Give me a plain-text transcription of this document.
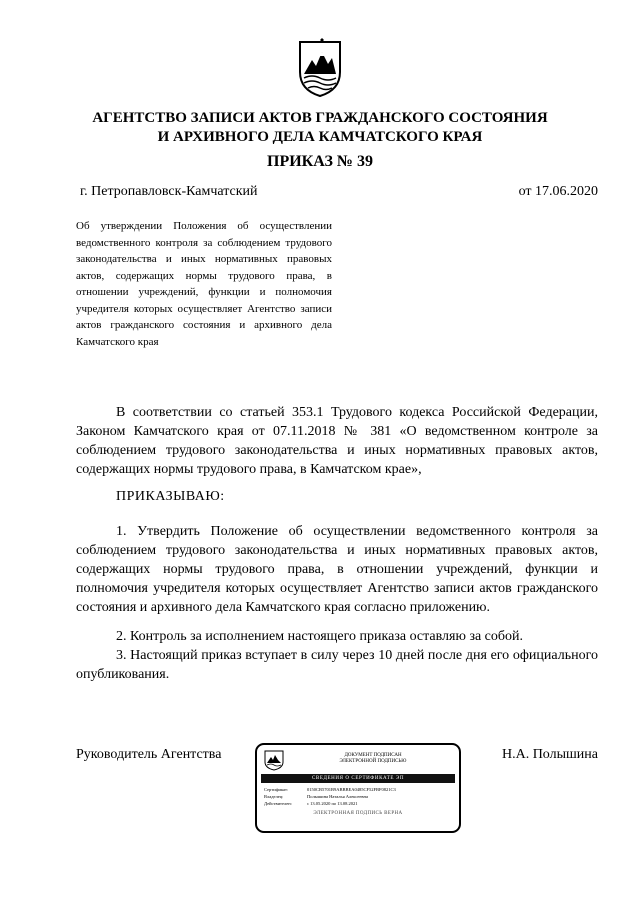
АГЕНТСТВО ЗАПИСИ АКТОВ ГРАЖДАНСКОГО СОСТОЯНИЯ
И АРХИВНОГО ДЕЛА КАМЧАТСКОГО КРАЯ
ПРИКАЗ № 39
г. Петропавловск-Камчатский	от 17.06.2020
Об утверждении Положения об осуществлении ведомственного контроля за соблюдением трудового законодательства и иных нормативных правовых актов, содержащих нормы трудового права, в отношении учреждений, функции и полномочия учредителя которых осуществляет Агентство записи актов гражданского состояния и архивного дела Камчатского края

В соответствии со статьей 353.1 Трудового кодекса Российской Федерации, Законом Камчатского края от 07.11.2018 № 381 «О ведомственном контроле за соблюдением трудового законодательства и иных нормативных правовых актов, содержащих нормы трудового права, в Камчатском крае»,

ПРИКАЗЫВАЮ:

1. Утвердить Положение об осуществлении ведомственного контроля за соблюдением трудового законодательства и иных нормативных правовых актов, содержащих нормы трудового права, в отношении учреждений, функции и полномочия учредителя которых осуществляет Агентство записи актов гражданского состояния и архивного дела Камчатского края согласно приложению.

2. Контроль за исполнением настоящего приказа оставляю за собой.

3. Настоящий приказ вступает в силу через 10 дней после дня его официального опубликования.

Руководитель Агентства	Н.А. Полышина
ДОКУМЕНТ ПОДПИСАН
ЭЛЕКТРОННОЙ ПОДПИСЬЮ
СВЕДЕНИЯ О СЕРТИФИКАТЕ ЭП
Сертификат:	0150CB5701B9ABBBEA0485CF52FBF0821C3
Владелец:	Полышина Наталья Алексеевна
Действителен:	с 13.05.2020 по 13.08.2021
ЭЛЕКТРОННАЯ ПОДПИСЬ ВЕРНА
